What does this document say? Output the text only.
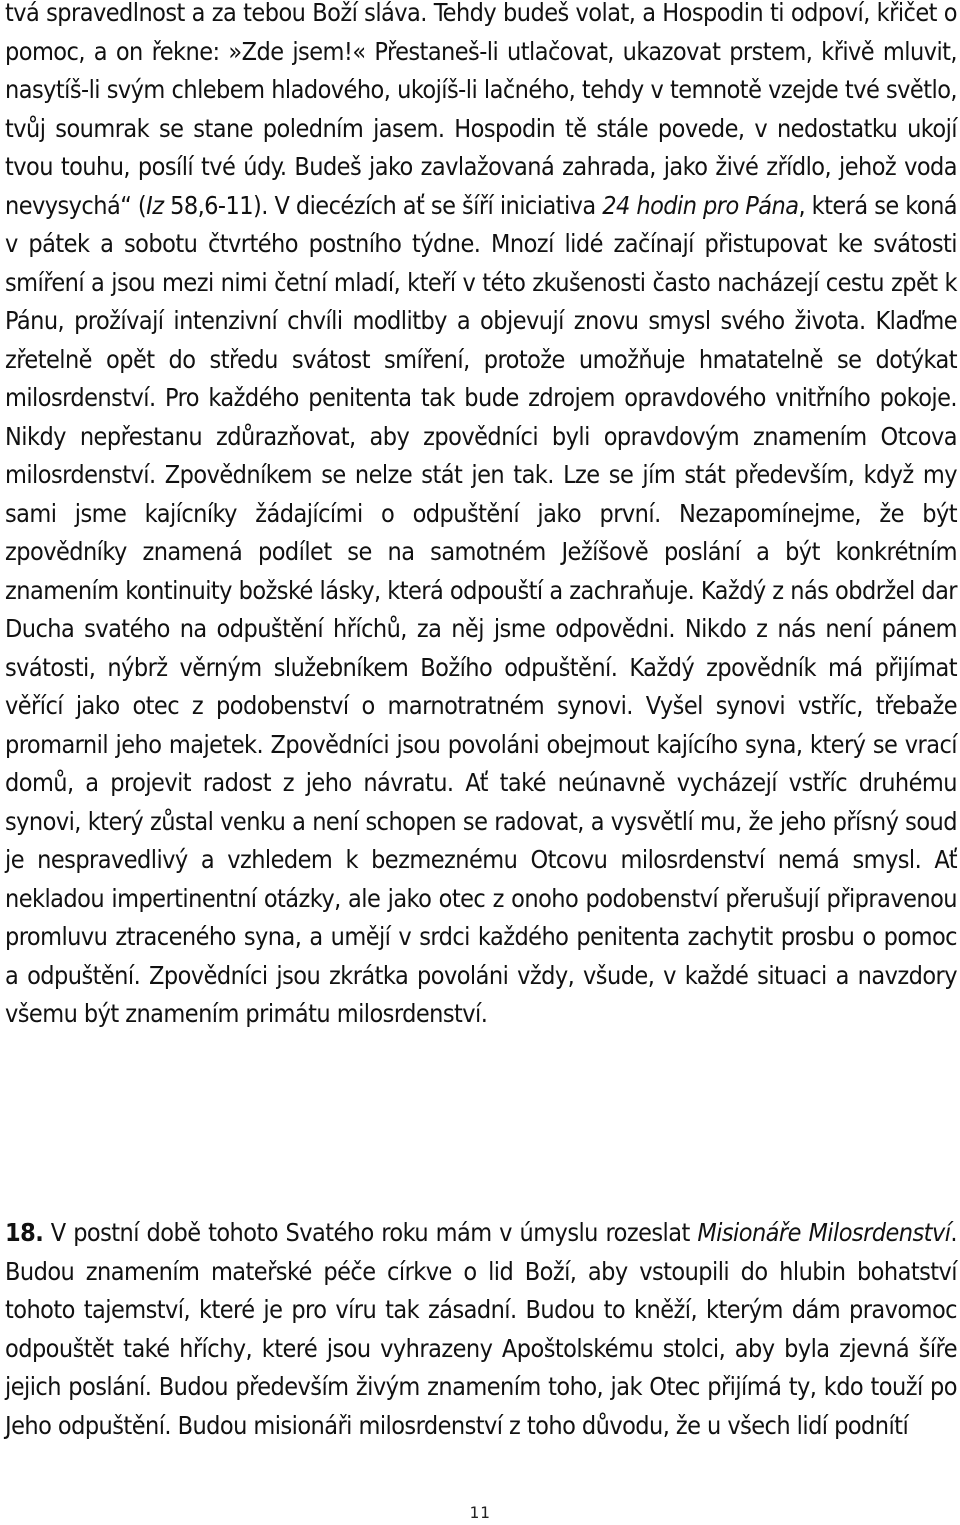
tvá spravedlnost a za tebou Boží sláva. Tehdy budeš volat, a Hospodin ti odpoví, křičet o pomoc, a on řekne: »Zde jsem!« Přestaneš-li utlačovat, ukazovat prstem, křivě mluvit, nasytíš-li svým chlebem hladového, ukojíš-li lačného, tehdy v temnotě vzejde tvé světlo, tvůj soumrak se stane poledním jasem. Hospodin tě stále povede, v nedostatku ukojí tvou touhu, posílí tvé údy. Budeš jako zavlažovaná zahrada, jako živé zřídlo, jehož voda nevysychá“ (Iz 58,6-11). V diecézích ať se šíří iniciativa 24 hodin pro Pána, která se koná v pátek a sobotu čtvrtého postního týdne. Mnozí lidé začínají přistupovat ke svátosti smíření a jsou mezi nimi četní mladí, kteří v této zkušenosti často nacházejí cestu zpět k Pánu, prožívají intenzivní chvíli modlitby a objevují znovu smysl svého života. Klaďme zřetelně opět do středu svátost smíření, protože umožňuje hmatatelně se dotýkat milosrdenství. Pro každého penitenta tak bude zdrojem opravdového vnitřního pokoje. Nikdy nepřestanu zdůrazňovat, aby zpovědníci byli opravdovým znamením Otcova milosrdenství. Zpovědníkem se nelze stát jen tak. Lze se jím stát především, když my sami jsme kajícníky žádajícími o odpuštění jako první. Nezapomínejme, že být zpovědníky znamená podílet se na samotném Ježíšově poslání a být konkrétním znamením kontinuity božské lásky, která odpouští a zachraňuje. Každý z nás obdržel dar Ducha svatého na odpuštění hříchů, za něj jsme odpovědni. Nikdo z nás není pánem svátosti, nýbrž věrným služebníkem Božího odpuštění. Každý zpovědník má přijímat věřící jako otec z podobenství o marnotratném synovi. Vyšel synovi vstříc, třebaže promarnil jeho majetek. Zpovědníci jsou povoláni obejmout kajícího syna, který se vrací domů, a projevit radost z jeho návratu. Ať také neúnavně vycházejí vstříc druhému synovi, který zůstal venku a není schopen se radovat, a vysvětlí mu, že jeho přísný soud je nespravedlivý a vzhledem k bezmeznému Otcovu milosrdenství nemá smysl. Ať nekladou impertinentní otázky, ale jako otec z onoho podobenství přerušují připravenou promluvu ztraceného syna, a umějí v srdci každého penitenta zachytit prosbu o pomoc a odpuštění. Zpovědníci jsou zkrátka povoláni vždy, všude, v každé situaci a navzdory všemu být znamením primátu milosrdenství.

18. V postní době tohoto Svatého roku mám v úmyslu rozeslat Misionáře Milosrdenství. Budou znamením mateřské péče církve o lid Boží, aby vstoupili do hlubin bohatství tohoto tajemství, které je pro víru tak zásadní. Budou to kněží, kterým dám pravomoc odpouštět také hříchy, které jsou vyhrazeny Apoštolskému stolci, aby byla zjevná šíře jejich poslání. Budou především živým znamením toho, jak Otec přijímá ty, kdo touží po Jeho odpuštění. Budou misionáři milosrdenství z toho důvodu, že u všech lidí podnítí

11
